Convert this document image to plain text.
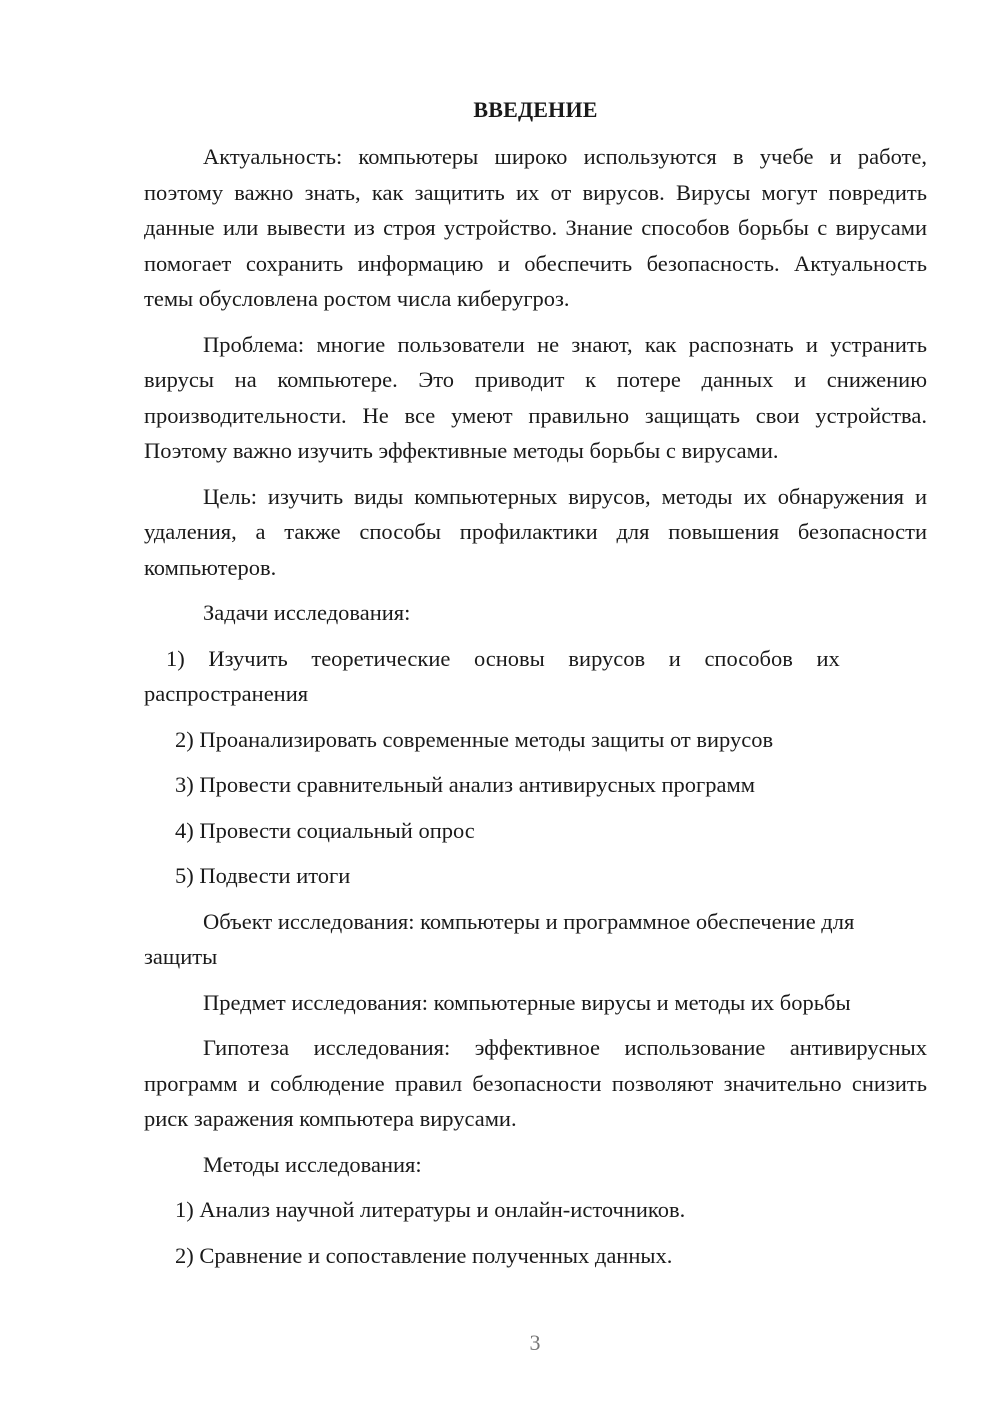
ВВЕДЕНИЕ

Актуальность: компьютеры широко используются в учебе и работе, поэтому важно знать, как защитить их от вирусов. Вирусы могут повредить данные или вывести из строя устройство. Знание способов борьбы с вирусами помогает сохранить информацию и обеспечить безопасность. Актуальность темы обусловлена ростом числа киберугроз.

Проблема: многие пользователи не знают, как распознать и устранить вирусы на компьютере. Это приводит к потере данных и снижению производительности. Не все умеют правильно защищать свои устройства. Поэтому важно изучить эффективные методы борьбы с вирусами.

Цель: изучить виды компьютерных вирусов, методы их обнаружения и удаления, а также способы профилактики для повышения безопасности компьютеров.

Задачи исследования:

1) Изучить теоретические основы вирусов и способов их

распространения

2) Проанализировать современные методы защиты от вирусов

3) Провести сравнительный анализ антивирусных программ

4) Провести социальный опрос

5) Подвести итоги

Объект исследования: компьютеры и программное обеспечение для защиты

Предмет исследования: компьютерные вирусы и методы их борьбы

Гипотеза исследования: эффективное использование антивирусных программ и соблюдение правил безопасности позволяют значительно снизить риск заражения компьютера вирусами.

Методы исследования:

1) Анализ научной литературы и онлайн-источников.

2) Сравнение и сопоставление полученных данных.

3
